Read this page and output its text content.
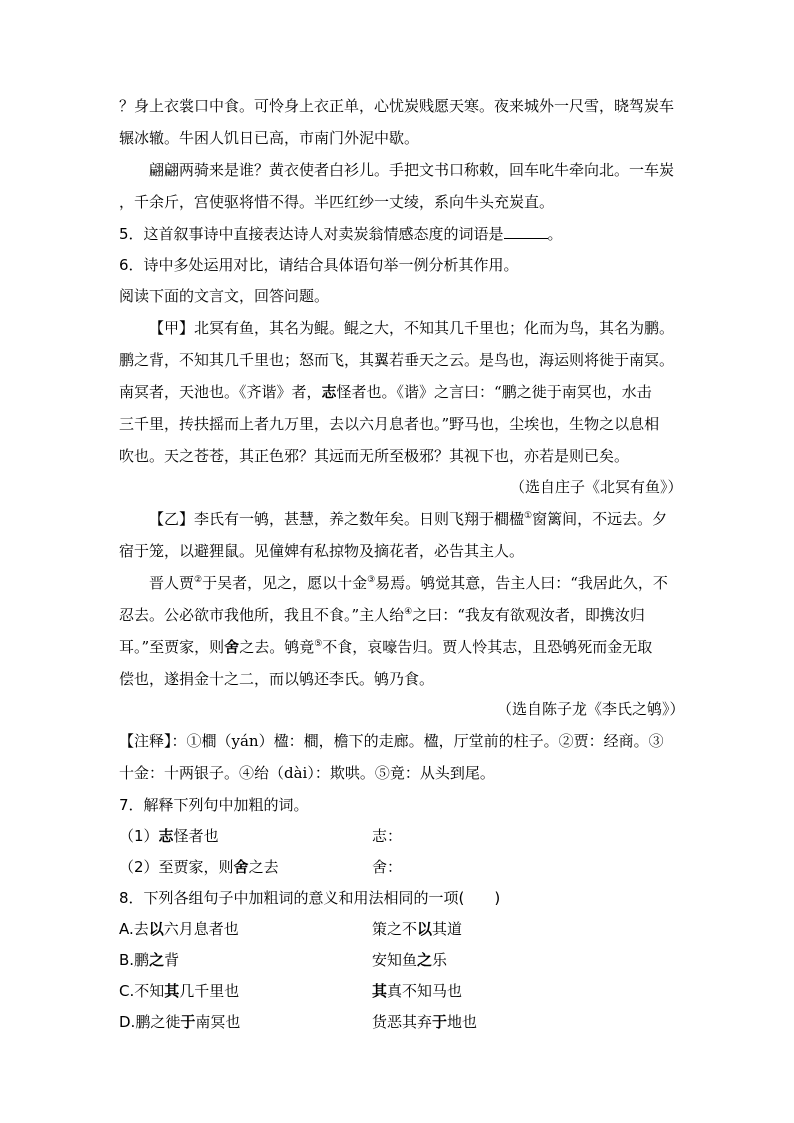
？身上衣裳口中食。可怜身上衣正单，心忧炭贱愿天寒。夜来城外一尺雪，晓驾炭车
辗冰辙。牛困人饥日已高，市南门外泥中歇。
翩翩两骑来是谁？黄衣使者白衫儿。手把文书口称敕，回车叱牛牵向北。一车炭
，千余斤，宫使驱将惜不得。半匹红纱一丈绫，系向牛头充炭直。
5．这首叙事诗中直接表达诗人对卖炭翁情感态度的词语是	。
6．诗中多处运用对比，请结合具体语句举一例分析其作用。
阅读下面的文言文，回答问题。
【甲】北冥有鱼，其名为鲲。鲲之大，不知其几千里也；化而为鸟，其名为鹏。
鹏之背，不知其几千里也；怒而飞，其翼若垂天之云。是鸟也，海运则将徙于南冥。
南冥者，天池也。《齐谐》者，志怪者也。《谐》之言曰：“鹏之徙于南冥也，水击
三千里，抟扶摇而上者九万里，去以六月息者也。”野马也，尘埃也，生物之以息相
吹也。天之苍苍，其正色邪？其远而无所至极邪？其视下也，亦若是则已矣。
（选自庄子《北冥有鱼》）
【乙】李氏有一鸲，甚慧，养之数年矣。日则飞翔于橺楹①窗篱间，不远去。夕
宿于笼，以避狸鼠。见僮婢有私掠物及摘花者，必告其主人。
晋人贾②于吴者，见之，愿以十金③易焉。鸲觉其意，告主人曰：“我居此久，不
忍去。公必欲市我他所，我且不食。”主人绐④之曰：“我友有欲观汝者，即携汝归
耳。”至贾家，则舍之去。鸲竟⑤不食，哀嚎告归。贾人怜其志，且恐鸲死而金无取
偿也，遂捐金十之二，而以鸲还李氏。鸲乃食。
（选自陈子龙《李氏之鸲》）
【注释】：①橺（yán）楹：橺，檐下的走廊。楹，厅堂前的柱子。②贾：经商。③
十金：十两银子。④绐（dài）：欺哄。⑤竟：从头到尾。
7．解释下列句中加粗的词。
（1）志怪者也	志：
（2）至贾家，则舍之去	舍：
8．下列各组句子中加粗词的意义和用法相同的一项(　　)
A.去以六月息者也	策之不以其道
B.鹏之背	安知鱼之乐
C.不知其几千里也	其真不知马也
D.鹏之徙于南冥也	货恶其弃于地也
